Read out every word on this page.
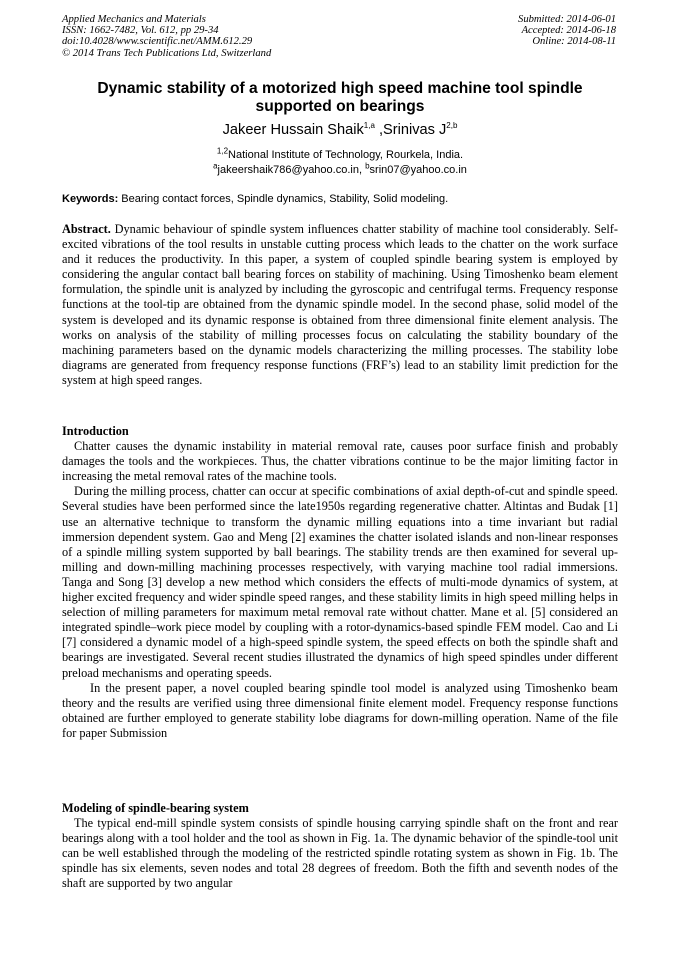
Applied Mechanics and Materials
ISSN: 1662-7482, Vol. 612, pp 29-34
doi:10.4028/www.scientific.net/AMM.612.29
© 2014 Trans Tech Publications Ltd, Switzerland
Submitted: 2014-06-01
Accepted: 2014-06-18
Online: 2014-08-11
Dynamic stability of a motorized high speed machine tool spindle
supported on bearings
Jakeer Hussain Shaik$^{1,a}$ ,Srinivas J$^{2,b}$
$^{1,2}$National Institute of Technology, Rourkela, India.
$^a$jakeershaik786@yahoo.co.in, $^b$srin07@yahoo.co.in
Keywords: Bearing contact forces, Spindle dynamics, Stability, Solid modeling.

Abstract. Dynamic behaviour of spindle system influences chatter stability of machine tool considerably. Self-excited vibrations of the tool results in unstable cutting process which leads to the chatter on the work surface and it reduces the productivity. In this paper, a system of coupled spindle bearing system is employed by considering the angular contact ball bearing forces on stability of machining. Using Timoshenko beam element formulation, the spindle unit is analyzed by including the gyroscopic and centrifugal terms. Frequency response functions at the tool-tip are obtained from the dynamic spindle model. In the second phase, solid model of the system is developed and its dynamic response is obtained from three dimensional finite element analysis. The works on analysis of the stability of milling processes focus on calculating the stability boundary of the machining parameters based on the dynamic models characterizing the milling processes. The stability lobe diagrams are generated from frequency response functions (FRF’s) lead to an stability limit prediction for the system at high speed ranges.

Introduction

Chatter causes the dynamic instability in material removal rate, causes poor surface finish and probably damages the tools and the workpieces. Thus, the chatter vibrations continue to be the major limiting factor in increasing the metal removal rates of the machine tools.

During the milling process, chatter can occur at specific combinations of axial depth-of-cut and spindle speed. Several studies have been performed since the late1950s regarding regenerative chatter. Altintas and Budak [1] use an alternative technique to transform the dynamic milling equations into a time invariant but radial immersion dependent system. Gao and Meng [2] examines the chatter isolated islands and non-linear responses of a spindle milling system supported by ball bearings. The stability trends are then examined for several up-milling and down-milling machining processes respectively, with varying machine tool radial immersions. Tanga and Song [3] develop a new method which considers the effects of multi-mode dynamics of system, at higher excited frequency and wider spindle speed ranges, and these stability limits in high speed milling helps in selection of milling parameters for maximum metal removal rate without chatter. Mane et al. [5] considered an integrated spindle–work piece model by coupling with a rotor-dynamics-based spindle FEM model. Cao and Li [7] considered a dynamic model of a high-speed spindle system, the speed effects on both the spindle shaft and bearings are investigated. Several recent studies illustrated the dynamics of high speed spindles under different preload mechanisms and operating speeds.

In the present paper, a novel coupled bearing spindle tool model is analyzed using Timoshenko beam theory and the results are verified using three dimensional finite element model. Frequency response functions obtained are further employed to generate stability lobe diagrams for down-milling operation. Name of the file for paper Submission

Modeling of spindle-bearing system

The typical end-mill spindle system consists of spindle housing carrying spindle shaft on the front and rear bearings along with a tool holder and the tool as shown in Fig. 1a. The dynamic behavior of the spindle-tool unit can be well established through the modeling of the restricted spindle rotating system as shown in Fig. 1b. The spindle has six elements, seven nodes and total 28 degrees of freedom. Both the fifth and seventh nodes of the shaft are supported by two angular
